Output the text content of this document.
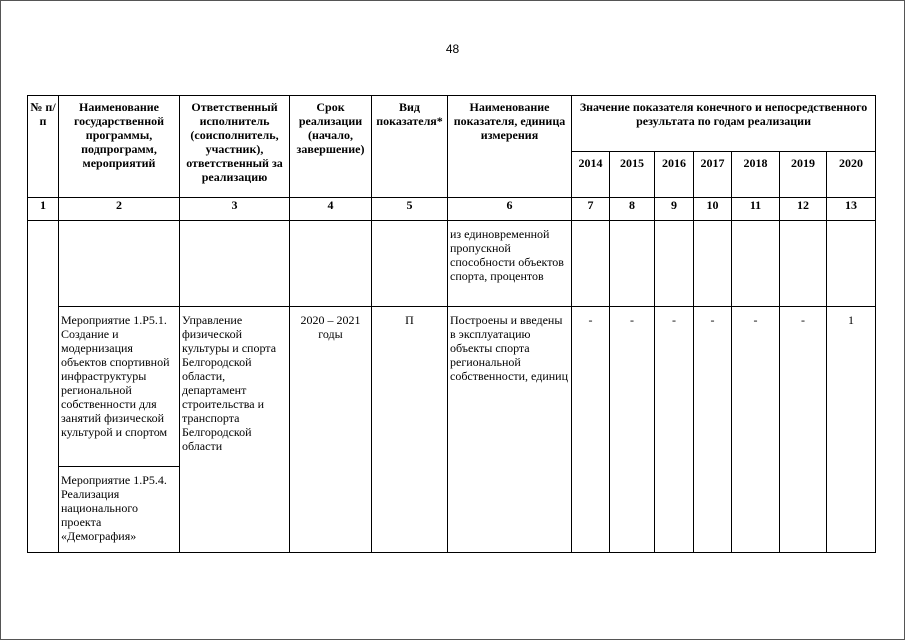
48
№ п/п	Наименование государственной программы, подпрограмм, мероприятий	Ответственный исполнитель (соисполнитель, участник), ответственный за реализацию	Срок реализации (начало, завершение)	Вид показателя*	Наименование показателя, единица измерения	Значение показателя конечного и непосредственного результата по годам реализации						
						2014	2015	2016	2017	2018	2019	2020
1	2	3	4	5	6	7	8	9	10	11	12	13
					из единовременной пропускной способности объектов спорта, процентов							
	Мероприятие 1.Р5.1. Создание и модернизация объектов спортивной инфраструктуры региональной собственности для занятий физической культурой и спортом	Управление физической культуры и спорта Белгородской области, департамент строительства и транспорта Белгородской области	2020 – 2021 годы	П	Построены и введены в эксплуатацию объекты спорта региональной собственности, единиц	-	-	-	-	-	-	1
	Мероприятие 1.Р5.4. Реализация национального проекта «Демография»											
